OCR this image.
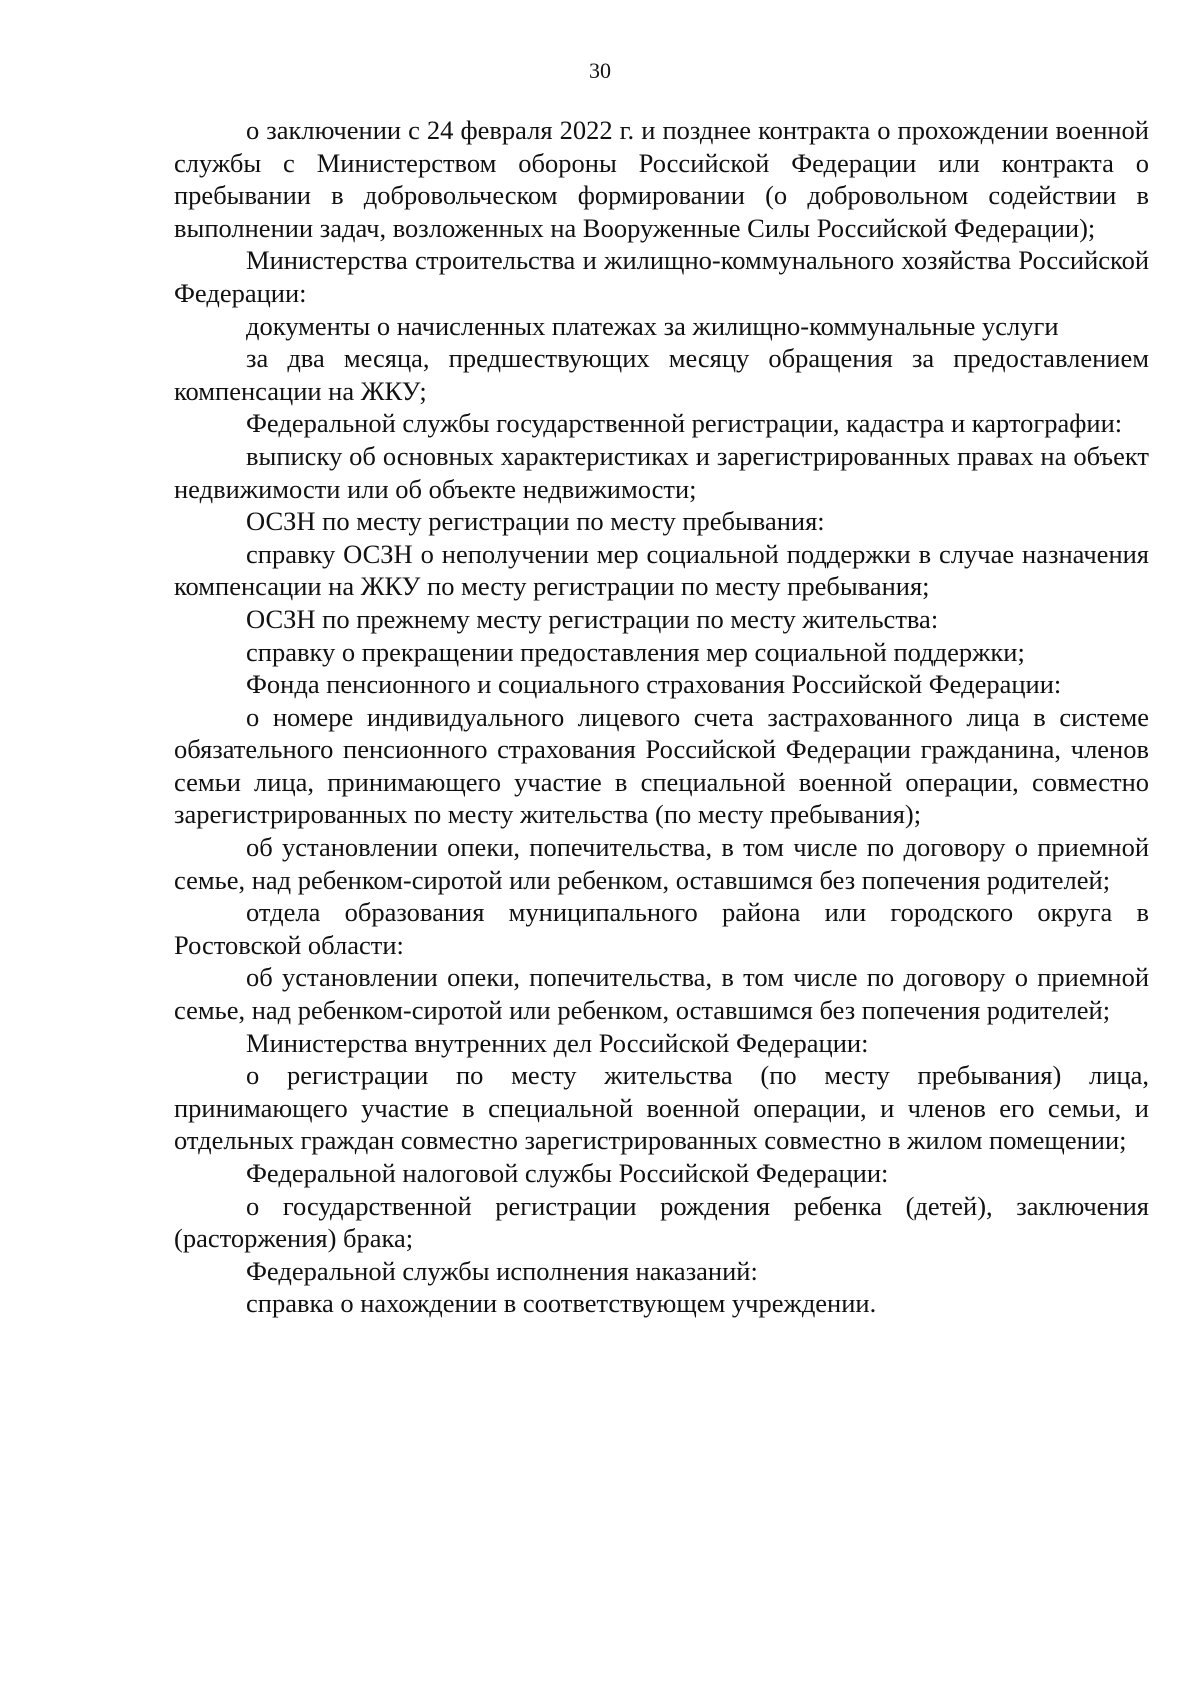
30

о заключении с 24 февраля 2022 г. и позднее контракта о прохождении военной службы с Министерством обороны Российской Федерации или контракта о пребывании в добровольческом формировании (о добровольном содействии в выполнении задач, возложенных на Вооруженные Силы Российской Федерации);

Министерства строительства и жилищно-коммунального хозяйства Российской Федерации:

документы о начисленных платежах за жилищно-коммунальные услуги

за два месяца, предшествующих месяцу обращения за предоставлением компенсации на ЖКУ;

Федеральной службы государственной регистрации, кадастра и картографии:

выписку об основных характеристиках и зарегистрированных правах на объект недвижимости или об объекте недвижимости;

ОСЗН по месту регистрации по месту пребывания:

справку ОСЗН о неполучении мер социальной поддержки в случае назначения компенсации на ЖКУ по месту регистрации по месту пребывания;

ОСЗН по прежнему месту регистрации по месту жительства:

справку о прекращении предоставления мер социальной поддержки;

Фонда пенсионного и социального страхования Российской Федерации:

о номере индивидуального лицевого счета застрахованного лица в системе обязательного пенсионного страхования Российской Федерации гражданина, членов семьи лица, принимающего участие в специальной военной операции, совместно зарегистрированных по месту жительства (по месту пребывания);

об установлении опеки, попечительства, в том числе по договору о приемной семье, над ребенком-сиротой или ребенком, оставшимся без попечения родителей;

отдела образования муниципального района или городского округа в Ростовской области:

об установлении опеки, попечительства, в том числе по договору о приемной семье, над ребенком-сиротой или ребенком, оставшимся без попечения родителей;

Министерства внутренних дел Российской Федерации:

о регистрации по месту жительства (по месту пребывания) лица, принимающего участие в специальной военной операции, и членов его семьи, и отдельных граждан совместно зарегистрированных совместно в жилом помещении;

Федеральной налоговой службы Российской Федерации:

о государственной регистрации рождения ребенка (детей), заключения (расторжения) брака;

Федеральной службы исполнения наказаний:

справка о нахождении в соответствующем учреждении.
